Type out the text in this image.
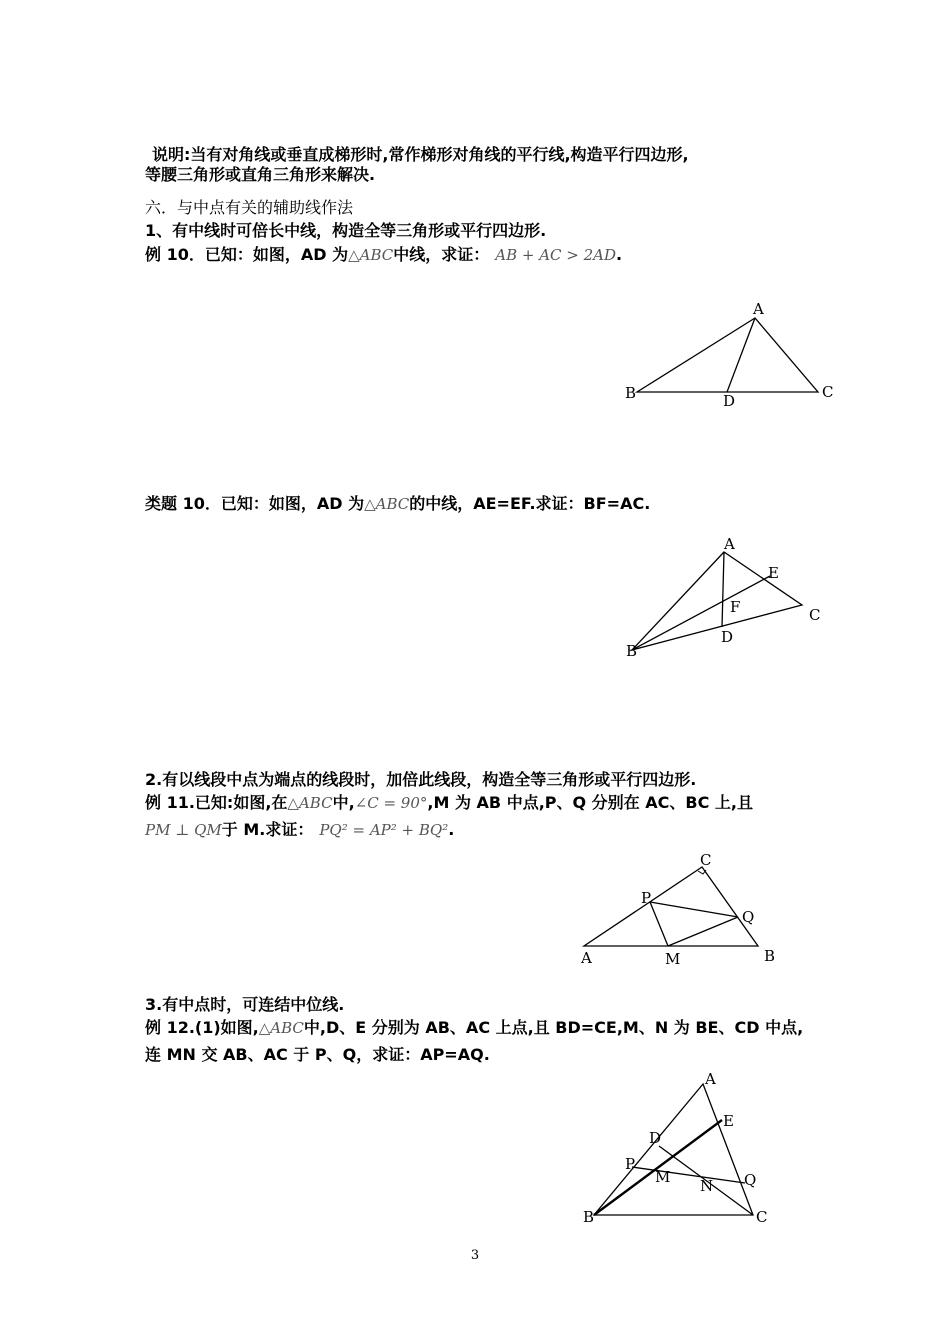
说明:当有对角线或垂直成梯形时,常作梯形对角线的平行线,构造平行四边形,
等腰三角形或直角三角形来解决.
六．与中点有关的辅助线作法
1、有中线时可倍长中线，构造全等三角形或平行四边形.
例 10．已知：如图，AD 为△ABC中线，求证： AB + AC > 2AD.
A
B	D	C
类题 10．已知：如图，AD 为△ABC的中线，AE=EF.求证：BF=AC.
A
E
F	C
B
D
2.有以线段中点为端点的线段时，加倍此线段，构造全等三角形或平行四边形.
例 11.已知:如图,在△ABC中,∠C = 90°,M 为 AB 中点,P、Q 分别在 AC、BC 上,且
PM ⊥ QM于 M.求证： PQ² = AP² + BQ².
C
P
Q
A	M	B
3.有中点时，可连结中位线.
例 12.(1)如图,△ABC中,D、E 分别为 AB、AC 上点,且 BD=CE,M、N 为 BE、CD 中点,
连 MN 交 AB、AC 于 P、Q，求证：AP=AQ.
A
E
D
P
M N Q
B	C
3
